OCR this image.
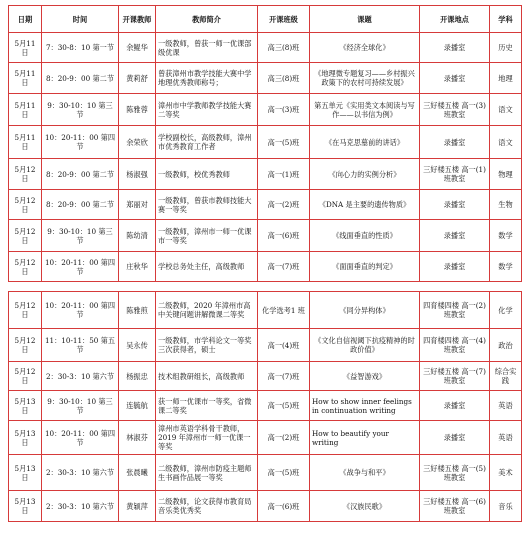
日期	时间	开课教师	教师简介	开课班级	课题	开课地点	学科
5月11日	7：30-8：10 第一节	余鲲华	一级教师，曾获一师一优课部级优课	高三(8)班	《经济全球化》	录播室	历史
5月11日	8：20-9：00 第二节	黄莉舒	曾获漳州市教学技能大赛中学地理优秀教师称号；	高三(8)班	《地理微专题复习——乡村振兴政策下的农村可持续发展》	录播室	地理
5月11日	9：30-10：10 第三节	陈雅蓉	漳州市中学教师教学技能大赛二等奖	高一(3)班	第五单元《实用类文本阅读与写作——以书信为例》	三好楼五楼 高一(3)班教室	语文
5月11日	10：20-11：00 第四节	余荣欣	学校副校长，高级教师，漳州市优秀教育工作者	高一(5)班	《在马克思墓前的讲话》	录播室	语文
5月12日	8：20-9：00 第二节	杨淑强	一级教师，校优秀教师	高一(1)班	《向心力的实例分析》	三好楼五楼 高一(1)班教室	物理
5月12日	8：20-9：00 第二节	郑丽对	一级教师，曾获市教师技能大赛一等奖	高一(2)班	《DNA 是主要的遗传物质》	录播室	生物
5月12日	9：30-10：10 第三节	陈幼清	一级教师，漳州市一师一优课市一等奖	高一(6)班	《线面垂直的性质》	录播室	数学
5月12日	10：20-11：00 第四节	庄秋华	学校总务处主任，高级教师	高一(7)班	《面面垂直的判定》	录播室	数学
5月12日	10：20-11：00 第四节	陈雅煎	二级教师，2020 年漳州市高中关键问题讲解微课二等奖	化学选考1 班	《同分异构体》	四育楼四楼 高一(2)班教室	化学
5月12日	11：10-11：50 第五节	吴永传	一级教师，市学科论文一等奖三次获得者，硕士	高一(4)班	《文化自信视阈下抗疫精神的时政价值》	四育楼四楼 高一(4)班教室	政治
5月12日	2：30-3：10 第六节	杨振忠	技术组教研组长，高级教师	高一(7)班	《益智游戏》	三好楼五楼 高一(7)班教室	综合实践
5月13日	9：30-10：10 第三节	连毓航	获一师一优课市一等奖，省微课二等奖	高一(5)班	How to show inner feelings in continuation writing	录播室	英语
5月13日	10：20-11：00 第四节	林淑芬	漳州市英语学科骨干教师，2019 年漳州市一师一优课一等奖	高一(2)班	How to beautify your writing	录播室	英语
5月13日	2：30-3：10 第六节	张晨曦	二级教师，漳州市防疫主题师生书画作品展一等奖	高一(5)班	《战争与和平》	三好楼五楼 高一(5)班教室	美术
5月13日	2：30-3：10 第六节	黄颖萍	二级教师，论文获得市教育局音乐类优秀奖	高一(6)班	《汉族民歌》	三好楼五楼 高一(6)班教室	音乐
